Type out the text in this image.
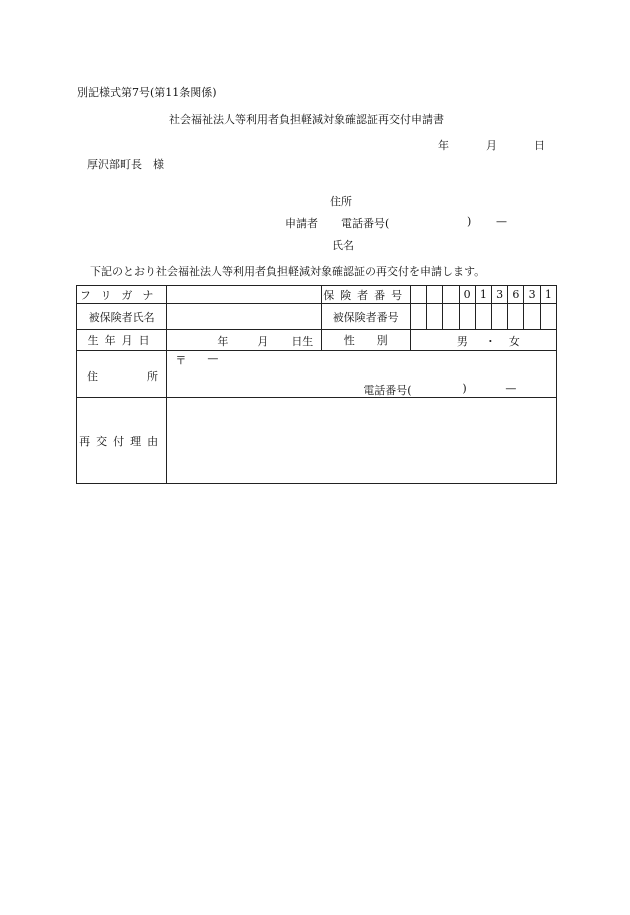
別記様式第7号(第11条関係)
社会福祉法人等利用者負担軽減対象確認証再交付申請書
年	月	日
厚沢部町長　様
住所
申請者 電話番号(	) —
氏名
下記のとおり社会福祉法人等利用者負担軽減対象確認証の再交付を申請します。
フリガナ		保険者番号				0	1	3	6	3	1
被保険者氏名		被保険者番号									
生年月日	年 月 日生	性　　別	男 ・ 女								

住 所	〒 —
電話番号( ) —										

再交付理由											
